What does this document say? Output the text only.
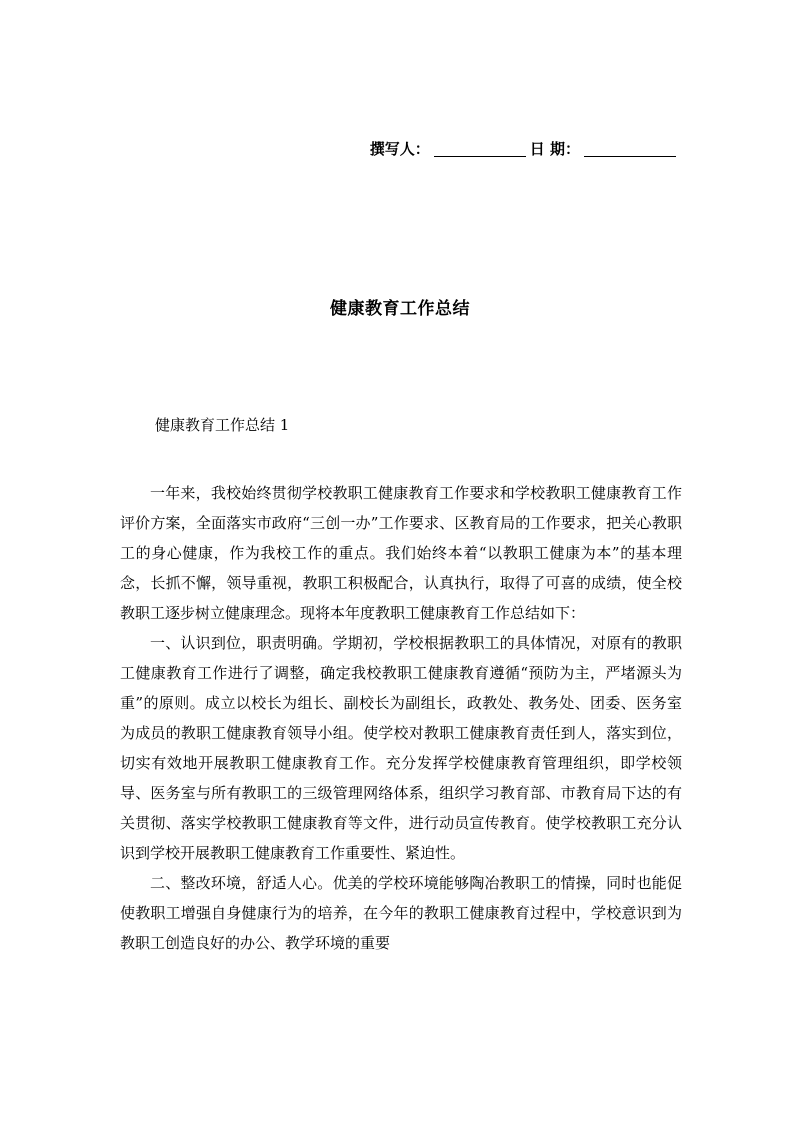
撰写人：	日 期：
健康教育工作总结
健康教育工作总结 1

一年来，我校始终贯彻学校教职工健康教育工作要求和学校教职工健康教育工作评价方案，全面落实市政府“三创一办”工作要求、区教育局的工作要求，把关心教职工的身心健康，作为我校工作的重点。我们始终本着“以教职工健康为本”的基本理念，长抓不懈，领导重视，教职工积极配合，认真执行，取得了可喜的成绩，使全校教职工逐步树立健康理念。现将本年度教职工健康教育工作总结如下：

一、认识到位，职责明确。学期初，学校根据教职工的具体情况，对原有的教职工健康教育工作进行了调整，确定我校教职工健康教育遵循“预防为主，严堵源头为重”的原则。成立以校长为组长、副校长为副组长，政教处、教务处、团委、医务室为成员的教职工健康教育领导小组。使学校对教职工健康教育责任到人，落实到位，切实有效地开展教职工健康教育工作。充分发挥学校健康教育管理组织，即学校领导、医务室与所有教职工的三级管理网络体系，组织学习教育部、市教育局下达的有关贯彻、落实学校教职工健康教育等文件，进行动员宣传教育。使学校教职工充分认识到学校开展教职工健康教育工作重要性、紧迫性。

二、整改环境，舒适人心。优美的学校环境能够陶冶教职工的情操，同时也能促使教职工增强自身健康行为的培养，在今年的教职工健康教育过程中，学校意识到为教职工创造良好的办公、教学环境的重要
